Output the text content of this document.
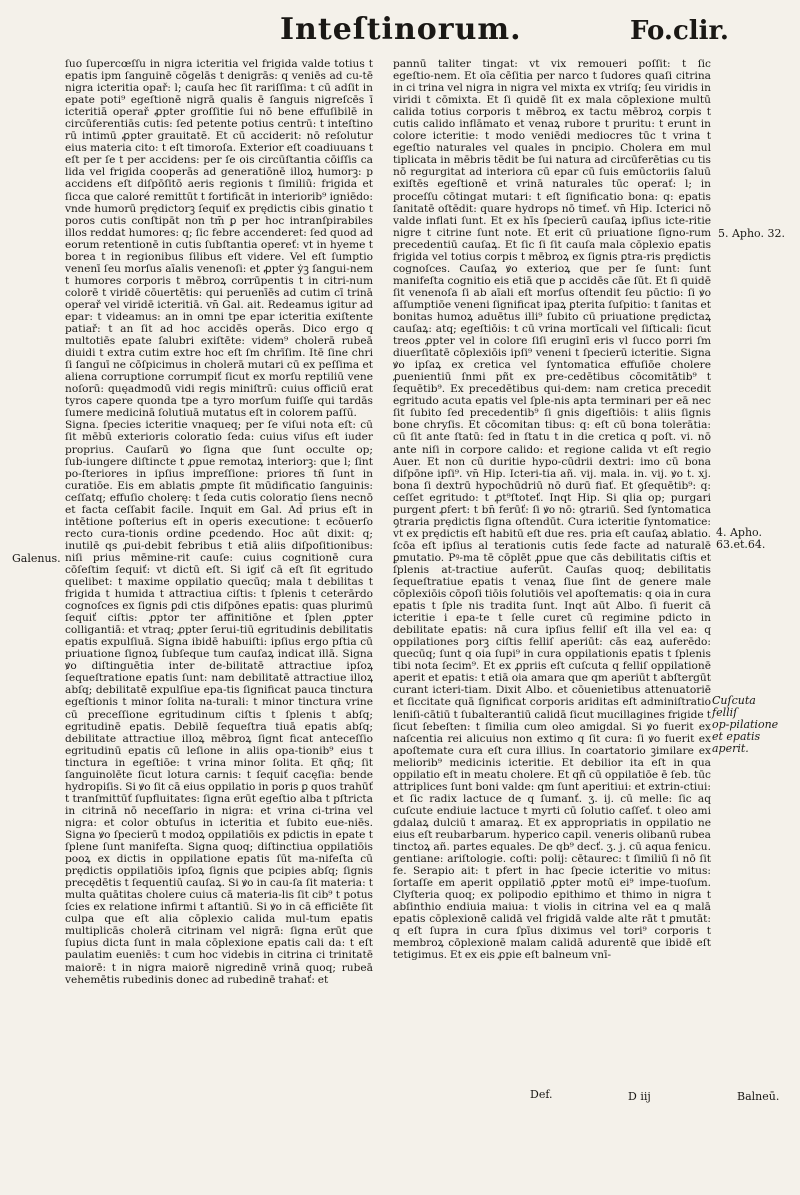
Inteſtinorum.	Fo.clir.

ſuo ſupercœſſu in nigra icteritia vel frigida valde totius t epatis ipm ſanguinē cōgelās t denigrās: q veniēs ad cu‑tē nigra icteritia opař: l; cauſa hec ſit rariſſima: t cū adſit in epate poti⁹ egeſtionē nigrā qualis ē ſanguis nigreſcēs ī icteritiā operař ꝓpter groſſitie ſui nō bene effuſibilē in circūferentiās cutis: ſed petente potius centrū: t inteſtino rū intimū ꝓpter grauitatē. Et cū acciderit: nō reſolutur eius materia cito: t eſt timoroſa. Exterior eſt coadiuuans t eſt per ſe t per accidens: per ſe ois circūſtantia cōiſſis ca lida vel frigida cooperās ad generatiōnē illoꝝ humorꝫ: p accidens eſt diſpōſitō aeris regionis t ſimiliū: frigida et ſicca que caloré remittūt t fortificāt in interiorib⁹ igniēdo: vnde humorū prędictorꝫ ſequiť ex prędictis cibis ginatio t poros cutis conſtipāt non tm̄ ꝑ per hoc intranſpirabiles illos reddat humores: q; ſic febre accenderet: ſed quod ad eorum retentionē in cutis ſubſtantia opereť: vt in hyeme t borea t in regionibus ſilibus eſt videre. Vel eſt ſumptio venenī ſeu morſus aīalis venenoſi: et ꝓpter ẏꝫ ſangui‑nem t humores corporis t mēbroꝝ corrūpentis t in citri‑num colorē t viridē cōuertētis: qui peruenīēs ad cutim cī trinā operař vel viridē icteritiā. vn̄ Gal. ait. Redeamus igitur ad epar: t videamus: an in omni tpe epar icteritia exiſtente patiař: t an ſit ad hoc accidēs operās. Dico ergo q multotiēs epate ſalubri exiſtēte: videm⁹ cholerā rubeā diuidi t extra cutim extre hoc eſt ſm chrīſim. Itē ſine chri ſi ſanguī ne cōſpicimus in cholerā mutari cū ex peſſima et aliena corruptione corrumpiť ſicut ex morſu reptiliū vene noſorū: quęadmodū vidi regis miniſtrū: cuius officiū erat tyros capere quonda tpe a tyro morſum fuiſſe qui tardās ſumere medicinā ſolutiuā mutatus eſt in colorem paſſū.

Signa. ſpecies icteritie vnaqueq; per ſe viſui nota eſt: cū ſit mēbū exterioris coloratio ſeda: cuius viſus eſt iuder proprius. Cauſarū ꝟo ſigna que ſunt occulte op; ſub‑iungere diſtincte t ꝓpue remotaꝝ interiorꝫ: que l; ſint po‑ſteriores in ipſius impreſſione: priores tñ ſunt in curatiōe. Eis em ablatis ꝓmpte ſit mūdificatio ſanguinis: ceſſatq; effuſio cholerę: t ſeda cutis coloratio ſiens necnō et facta ceſſabit facile. Inquit em Gal. Ad̄ prius eſt in intētione poſterius eſt in operis executione: t ecōuerſo recto cura‑tionis ordine ꝑcedendo. Hoc aūt dixit: q; inutilē qs ꝓui‑debit febribus t etiā aliis diſpoſitionibus: niſi prius mēmine‑rit cauſe: cuius cognitionē cura cōſeſtim ſequiť: vt dictū eſt. Si igiť cā eſt ſit egritudo quelibet: t maxime oppilatio quecūq; mala t debilitas t frigida t humida t attractiua ciſtis: t ſplenis t ceterārdo cognoſces ex ſignis ꝑdi ctis diſpōnes epatis: quas plurimū ſequiť ciſtis: ꝓptor ter affinitiōne et ſplen ꝓpter colligantiā: et vtraq; ꝓpter ſerui‑tiū egritudinis debilitatis epatis expulſiuā. Signa ibidē habuiſti: ipſius ergo pſtia cū priuatione ſignoꝝ ſubſeque tum cauſaꝝ indicat illā. Signa ꝟo diſtinguētia inter de‑bilitatē attractiue ipſoꝝ ſequeſtratione epatis ſunt: nam debilitatē attractiue illoꝝ abſq; debilitatē expulſiue epa‑tis ſignificat pauca tinctura egeſtionis t minor ſolita na‑turali: t minor tinctura vrine cū preceſſione egritudinum ciſtis t ſplenis t abſq; egritudinē epatis. Debilē ſequeſtra tiuā epatis abſq; debilitate attractiue illoꝝ mēbroꝝ ſignt ficat anteceſſio egritudinū epatis cū leſione in aliis opa‑tionib⁹ eius t tinctura in egeſtiōe: t vrina minor ſolita. Et qñq; ſit ſanguinolēte ſicut lotura carnis: t ſequiť cacęſia: bende hydropiſis. Si ꝟo ſit cā eius oppilatio in poris ꝑ quos trahūť t tranſmittūť ſupfluitates: ſigna erūt egeſtio alba t pſtricta in citrinā nō neceſſario in nigra: et vrina ci‑trina vel nigra: et color obtuſus in icteritia et ſubito eue‑niēs. Signa ꝟo ſpecierū t modoꝝ oppilatiōis ex pdictis in epate t ſplene ſunt manifeſta. Signa quoq; diſtinctiua oppilatiōis pooꝝ ex dictis in oppilatione epatis ſūt ma‑nifeſta cū prędictis oppilatiōis ipſoꝝ ſignis que pcipies abſq; ſignis precędētis t ſequentiū cauſaꝝ. Si ꝟo in cau‑ſa ſit materia: t multa quātitas cholere cuius cā materia‑lis ſit cib⁹ t potus ſcies ex relatione infirmi t aſtantiū. Si ꝟo in cā efficiēte ſit culpa que eſt alia cōplexio calida mul‑tum epatis multiplicās cholerā citrinam vel nigrā: ſigna erūt que ſupius dicta ſunt in mala cōplexione epatis cali da: t eſt paulatim eueniēs: t cum hoc videbis in citrina ci trinitatē maiorē: t in nigra maiorē nigredinē vrinā quoq; rubeā vehemētis rubedinis donec ad rubedinē trahať: et

pannū taliter tingat: vt vix remoueri poſſit: t ſic egeſtio‑nem. Et oīa cēſitia per narco t ſudores quaſi citrina in ci trina vel nigra in nigra vel mixta ex vtriſq; ſeu viridis in viridi t cōmixta. Et ſi quidē ſit ex mala cōplexione multū calida totius corporis t mēbroꝝ ex tactu mēbroꝝ corpis t cutis calido inflāmato et venaꝝ rubore t pruritu: t erunt in colore icteritie: t modo veniēdi mediocres tūc t vrina t egeſtio naturales vel quales in pncipio. Cholera em mul tiplicata in mēbris tēdit be ſui natura ad circūferētias cu tis nō regurgitat ad interiora cū epar cū ſuis emūctoriis ſaluū exiſtēs egeſtionē et vrinā naturales tūc operať: l; in proceſſu cōtingat mutari: t eſt ſignificatio bona: q: epatis ſanitatē oſtēdit: quare hydrops nō timeť. vn̄ Hip. Icterici nō valde inflati ſunt. Et ex hīs ſpecierū cauſaꝝ ipſius icte‑ritie nigre t citrine ſunt note. Et erit cū priuatione ſigno‑rum precedentiū cauſaꝝ. Et ſic ſi ſit cauſa mala cōplexio epatis frigida vel totius corpis t mēbroꝝ ex ſignis ꝑtra‑ris prędictis cognoſces. Cauſaꝝ ꝟo exterioꝝ que per ſe ſunt: ſunt manifeſta cognitio eis etiā que p accidēs cāe ſūt. Et ſi quidē ſit venenoſa ſi ab aīali eſt morſus oſtendit ſeu pūctio: ſi ꝟo aſſumptiōe veneni ſignificat ipaꝝ ꝑterita ſuſpitio: t ſanitas et bonitas humoꝝ aduētus illi⁹ ſubito cū priuatione prędictaꝝ cauſaꝝ: atq; egeſtiōis: t cū vrina mortīcali vel ſiſticali: ſicut treos ꝓpter vel in colore ſiſi eruginī eris vl ſucco porri ſm diuerſitatē cōplexiōis ipſi⁹ veneni t ſpecierū icteritie. Signa ꝟo ipſaꝝ ex cretica vel ſyntomatica effuſiōe cholere ꝓuenientiū ſnmi pñt ex pre‑cedētibus cōcomitātib⁹ t ſequētib⁹. Ex precedētibus qui‑dem: nam cretica precedit egritudo acuta epatis vel ſple‑nis apta terminari per eā nec ſit ſubito ſed precedentib⁹ ſi gnis digeſtiōis: t aliis ſignis bone chryſis. Et cōcomitan tibus: q: eſt cū bona tolerātia: cū ſit ante ſtatū: ſed in ſtatu t in die cretica q poſt. vi. nō ante niſi in corpore calido: et regione calida vt eſt regio Auer. Et non cū duritie hypo‑cūdrii dextri: imo cū bona diſpōne ipſi⁹. vn̄ Hip. Icteri‑tia añ. vij. mala. in. vij. ꝟo t. xj. bona ſi dextrū hypochūdriū nō durū fiať. Et ꝯſequētib⁹: q: ceſſet egritudo: t ꝓt⁹ſtoteť. Inqt Hip. Si qlia op; purgari purgent ꝓfert: t bn̄ ferūť: ſi ꝟo nō: ꝯtrariū. Sed ſyntomatica ꝯtraria prędictis ſigna oſtendūt. Cura icteritie ſyntomatice: vt ex prędictis eſt habitū eſt due res. pria eſt cauſaꝝ ablatio. ſcōa eſt ipſius al terationis cutis ſede facte ad naturalē ꝑmutatio. Pꝰ‑ma tē cōplēt ꝓpue que cās debilitatis ciſtis et ſplenis at‑tractiue auferūt. Cauſas quoq; debilitatis ſequeſtratiue epatis t venaꝝ ſiue ſint de genere male cōplexiōis cōpoſi tiōis ſolutiōis vel apoſtematis: q oia in cura epatis t ſple nis tradita ſunt. Inqt aūt Albo. ſi fuerit cā icteritie i epa‑te t ſelle curet cū regimine pdicto in debilitate epatis: nā cura ipſius felliſ eſt illa vel ea: q oppilationes porꝫ ciſtis felliſ aperiūt: cās eaꝝ auferēdo: quecūq; ſunt q oia ſupi⁹ in cura oppilationis epatis t ſplenis tibi nota ſecim⁹. Et ex ꝓpriis eſt cuſcuta q felliſ oppilationē aperit et epatis: t etiā oia amara que qm aperiūt t abſtergūt curant icteri‑tiam. Dixit Albo. et cōuenietibus attenuatoriē et ſiccitate quā ſignificat corporis ariditas eſt adminiſtratio leniſi‑cātiū t ſubalterantiū calidā ſicut mucillagines frigide t ſicut ſebeſten: t ſimilia cum oleo amigdal. Si ꝟo fuerit ex naſcentia rei alicuius non extimo q ſit cura: ſi ꝟo fuerit ex apoſtemate cura eſt cura illius. In coartatorio ꝫimilare ex meliorib⁹ medicinis icteritie. Et debilior ita eſt in qua oppilatio eſt in meatu cholere. Et qñ cū oppilatiōe ē ſeb. tūc attriplices ſunt boni valde: qm ſunt aperitiui: et extrin‑ctiui: et ſic radix lactuce de q ſumanť. ʒ. ij. cū melle: ſic aq cuſcute endiuie lactuce t myrti cū ſolutio caſſeť. t oleo ami gdalaꝝ dulciū t amaraꝝ. Et ex appropriatis in oppilatio ne eius eſt reubarbarum. hyperico capil. veneris olibanū rubea tinctoꝝ añ. partes equales. De qb⁹ decť. ʒ. j. cū aqua fenicu. gentiane: ariſtologie. coſti: polij: cētaurec: t ſimiliū ſi nō ſit fe. Serapio ait: t pfert in hac ſpecie icteritie vo mitus: ſortaſſe em aperit oppilatiō ꝓpter motū ei⁹ impe‑tuoſum. Clyſteria quoq; ex polipodio epithimo et thimo in nigra t abſinthio endiuia maiua: t violis in citrina vel ea q malā epatis cōplexionē calidā vel frigidā valde alte rāt t ꝑmutāt: q eſt ſupra in cura ſpīus diximus vel tori⁹ corporis t membroꝝ cōplexionē malam calidā adurentē que ibidē eſt tetigimus. Et ex eis ꝓpie eſt balneum vnī‑

Galenus.
5. Apho. 32.
4. Apho. 63.et.64.
Cuſcuta felliſ op‑pilatione et epatis aperit.
Balneū.
Def.	D iij
